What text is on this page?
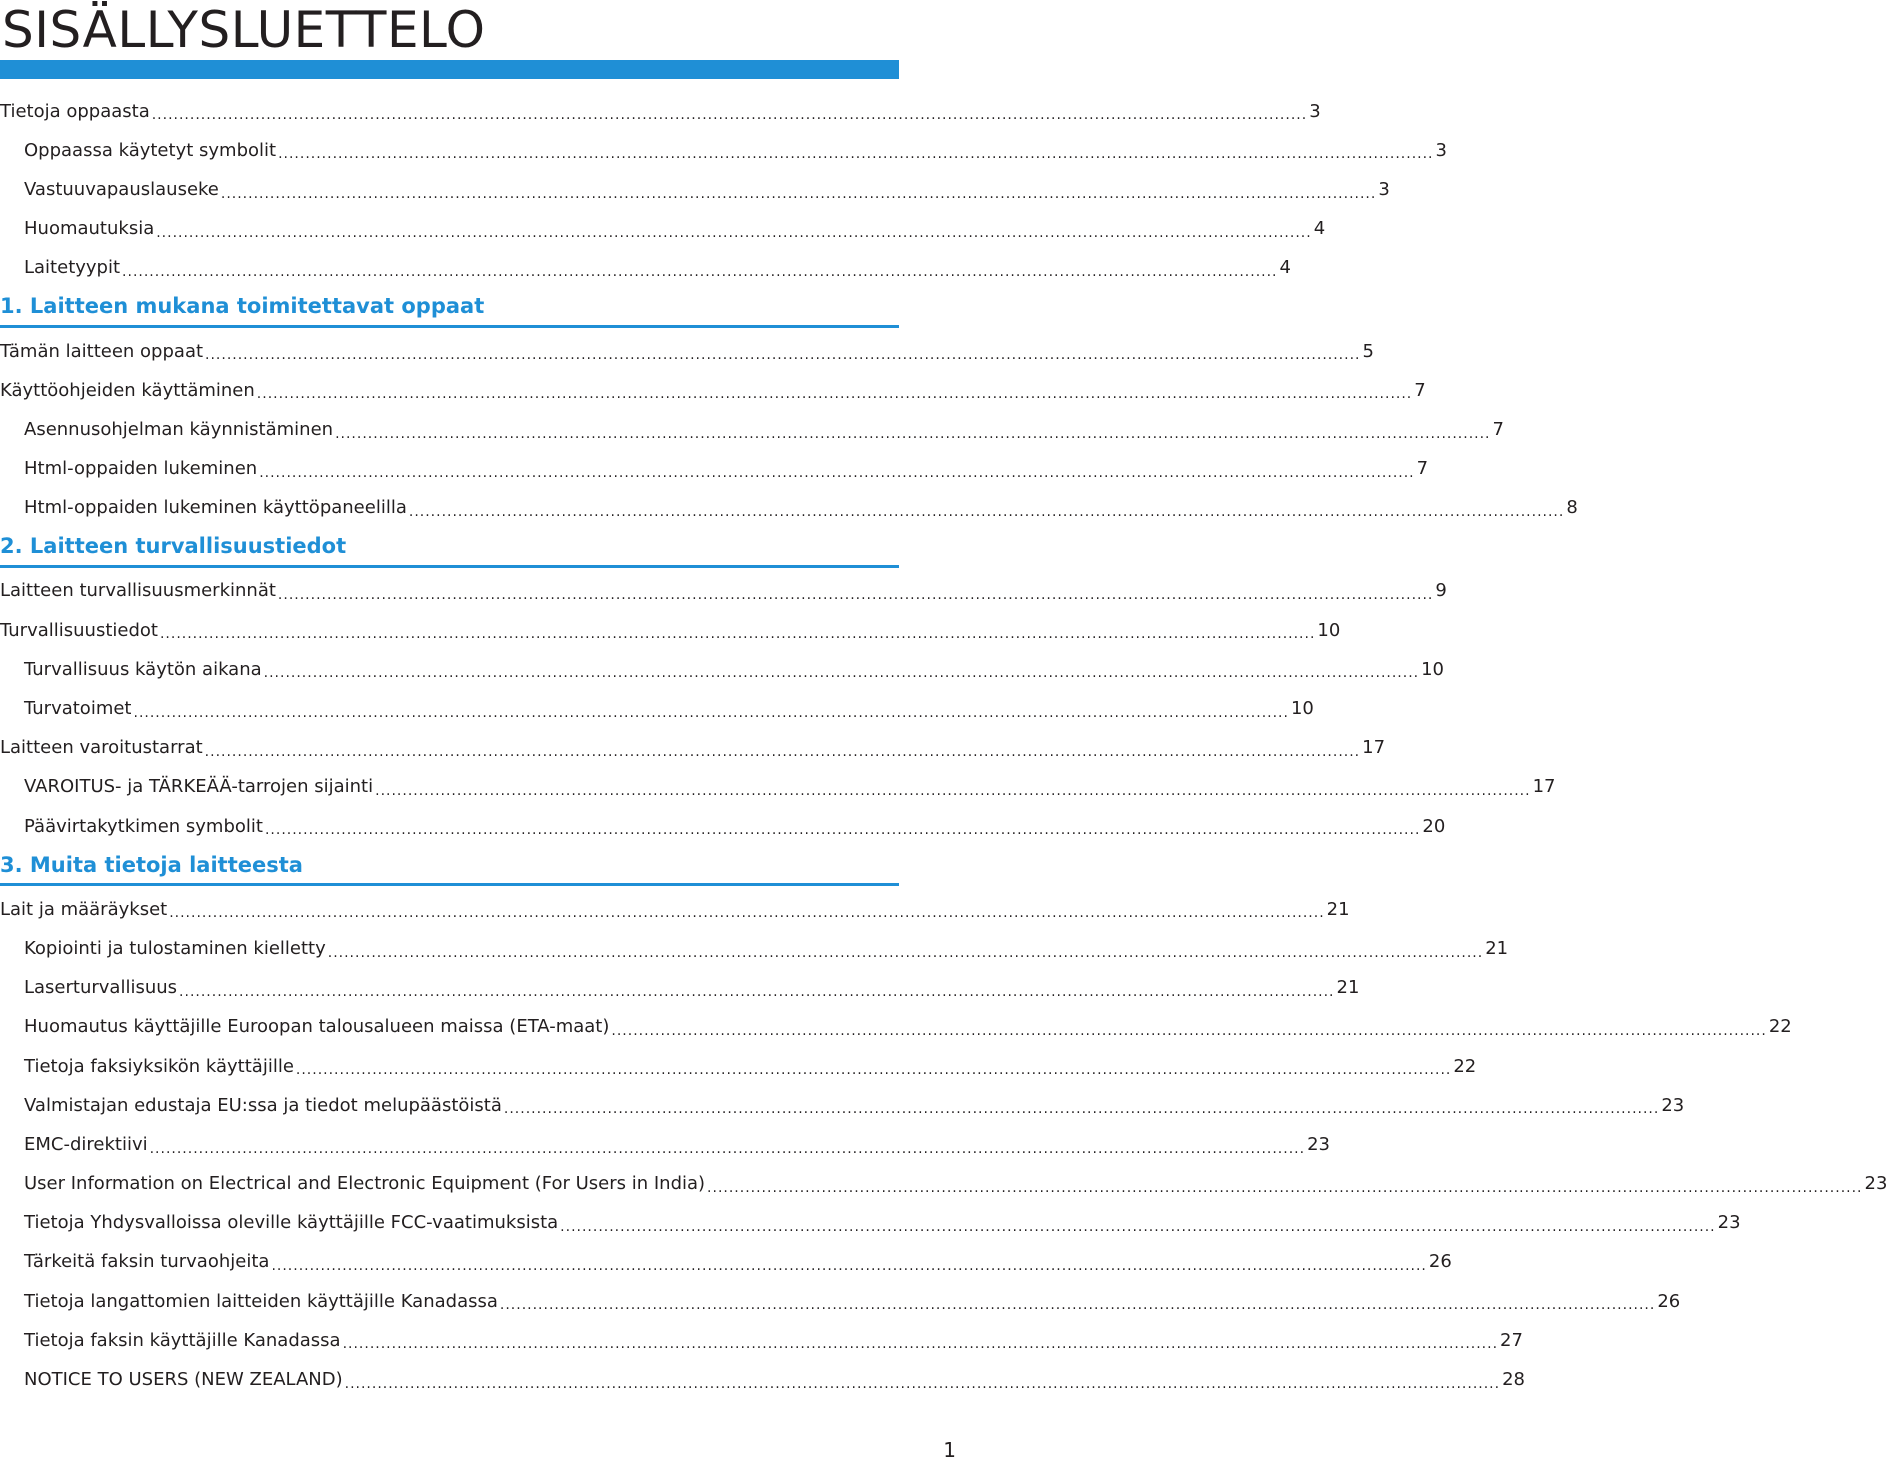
SISÄLLYSLUETTELO
Tietoja oppaasta .................................................................................................................................................................................................................... 3
Oppaassa käytetyt symbolit .................................................................................................................................................................................................................... 3
Vastuuvapauslauseke .................................................................................................................................................................................................................... 3
Huomautuksia .................................................................................................................................................................................................................... 4
Laitetyypit .................................................................................................................................................................................................................... 4
1. Laitteen mukana toimitettavat oppaat
Tämän laitteen oppaat .................................................................................................................................................................................................................... 5
Käyttöohjeiden käyttäminen .................................................................................................................................................................................................................... 7
Asennusohjelman käynnistäminen .................................................................................................................................................................................................................... 7
Html-oppaiden lukeminen .................................................................................................................................................................................................................... 7
Html-oppaiden lukeminen käyttöpaneelilla .................................................................................................................................................................................................................... 8
2. Laitteen turvallisuustiedot
Laitteen turvallisuusmerkinnät .................................................................................................................................................................................................................... 9
Turvallisuustiedot .................................................................................................................................................................................................................... 10
Turvallisuus käytön aikana .................................................................................................................................................................................................................... 10
Turvatoimet .................................................................................................................................................................................................................... 10
Laitteen varoitustarrat .................................................................................................................................................................................................................... 17
VAROITUS- ja TÄRKEÄÄ-tarrojen sijainti .................................................................................................................................................................................................................... 17
Päävirtakytkimen symbolit .................................................................................................................................................................................................................... 20
3. Muita tietoja laitteesta
Lait ja määräykset .................................................................................................................................................................................................................... 21
Kopiointi ja tulostaminen kielletty .................................................................................................................................................................................................................... 21
Laserturvallisuus .................................................................................................................................................................................................................... 21
Huomautus käyttäjille Euroopan talousalueen maissa (ETA-maat) .................................................................................................................................................................................................................... 22
Tietoja faksiyksikön käyttäjille .................................................................................................................................................................................................................... 22
Valmistajan edustaja EU:ssa ja tiedot melupäästöistä .................................................................................................................................................................................................................... 23
EMC-direktiivi .................................................................................................................................................................................................................... 23
User Information on Electrical and Electronic Equipment (For Users in India) .................................................................................................................................................................................................................... 23
Tietoja Yhdysvalloissa oleville käyttäjille FCC-vaatimuksista .................................................................................................................................................................................................................... 23
Tärkeitä faksin turvaohjeita .................................................................................................................................................................................................................... 26
Tietoja langattomien laitteiden käyttäjille Kanadassa .................................................................................................................................................................................................................... 26
Tietoja faksin käyttäjille Kanadassa .................................................................................................................................................................................................................... 27
NOTICE TO USERS (NEW ZEALAND) .................................................................................................................................................................................................................... 28
1
